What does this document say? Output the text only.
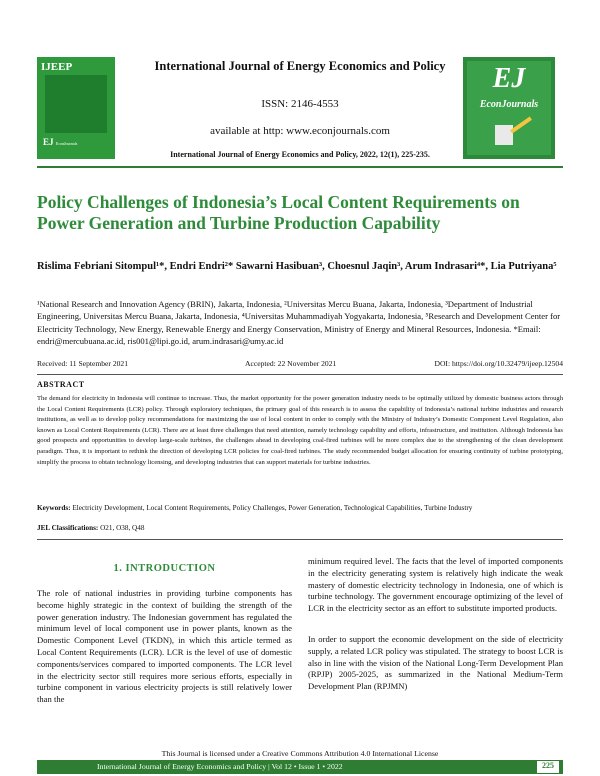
IJEEP
EJ EconJournals
International Journal of Energy Economics and Policy
ISSN: 2146-4553
available at http: www.econjournals.com
International Journal of Energy Economics and Policy, 2022, 12(1), 225-235.
EJ
EconJournals
Policy Challenges of Indonesia’s Local Content Requirements on Power Generation and Turbine Production Capability
Rislima Febriani Sitompul¹*, Endri Endri²* Sawarni Hasibuan³, Choesnul Jaqin³, Arum Indrasari⁴*, Lia Putriyana⁵
¹National Research and Innovation Agency (BRIN), Jakarta, Indonesia, ²Universitas Mercu Buana, Jakarta, Indonesia, ³Department of Industrial Engineering, Universitas Mercu Buana, Jakarta, Indonesia, ⁴Universitas Muhammadiyah Yogyakarta, Indonesia, ⁵Research and Development Center for Electricity Technology, New Energy, Renewable Energy and Energy Conservation, Ministry of Energy and Mineral Resources, Indonesia. *Email: endri@mercubuana.ac.id, ris001@lipi.go.id, arum.indrasari@umy.ac.id
Received: 11 September 2021	Accepted: 22 November 2021	DOI: https://doi.org/10.32479/ijeep.12504
ABSTRACT
The demand for electricity in Indonesia will continue to increase. Thus, the market opportunity for the power generation industry needs to be optimally utilized by domestic business actors through the Local Content Requirements (LCR) policy. Through exploratory techniques, the primary goal of this research is to assess the capability of Indonesia’s national turbine industries and research institutions, as well as to develop policy recommendations for maximizing the use of local content in order to comply with the Ministry of Industry’s Domestic Component Level Regulation, also known as Local Content Requirements (LCR). There are at least three challenges that need attention, namely technology capability and efforts, infrastructure, and institution. Although Indonesia has good prospects and opportunities to develop large-scale turbines, the challenges ahead in developing coal-fired turbines will be more complex due to the strengthening of the clean development paradigm. Thus, it is important to rethink the direction of developing LCR policies for coal-fired turbines. The study recommended budget allocation for ensuring continuity of turbine prototyping, simplify the process to obtain technology licensing, and developing industries that can support materials for turbine industries.
Keywords: Electricity Development, Local Content Requirements, Policy Challenges, Power Generation, Technological Capabilities, Turbine Industry
JEL Classifications: O21, O38, Q48
1. INTRODUCTION
The role of national industries in providing turbine components has become highly strategic in the context of building the strength of the power generation industry. The Indonesian government has regulated the minimum level of local component use in power plants, known as the Domestic Component Level (TKDN), in which this article termed as Local Content Requirements (LCR). LCR is the level of use of domestic components/services compared to imported components. The LCR level in the electricity sector still requires more serious efforts, especially in turbine component in various electricity projects is still relatively lower than the
minimum required level. The facts that the level of imported components in the electricity generating system is relatively high indicate the weak mastery of domestic electricity technology in Indonesia, one of which is turbine technology. The government encourage optimizing of the level of LCR in the electricity sector as an effort to substitute imported products.
In order to support the economic development on the side of electricity supply, a related LCR policy was stipulated. The strategy to boost LCR is also in line with the vision of the National Long-Term Development Plan (RPJP) 2005-2025, as summarized in the National Medium-Term Development Plan (RPJMN)
This Journal is licensed under a Creative Commons Attribution 4.0 International License
International Journal of Energy Economics and Policy | Vol 12 • Issue 1 • 2022	225
